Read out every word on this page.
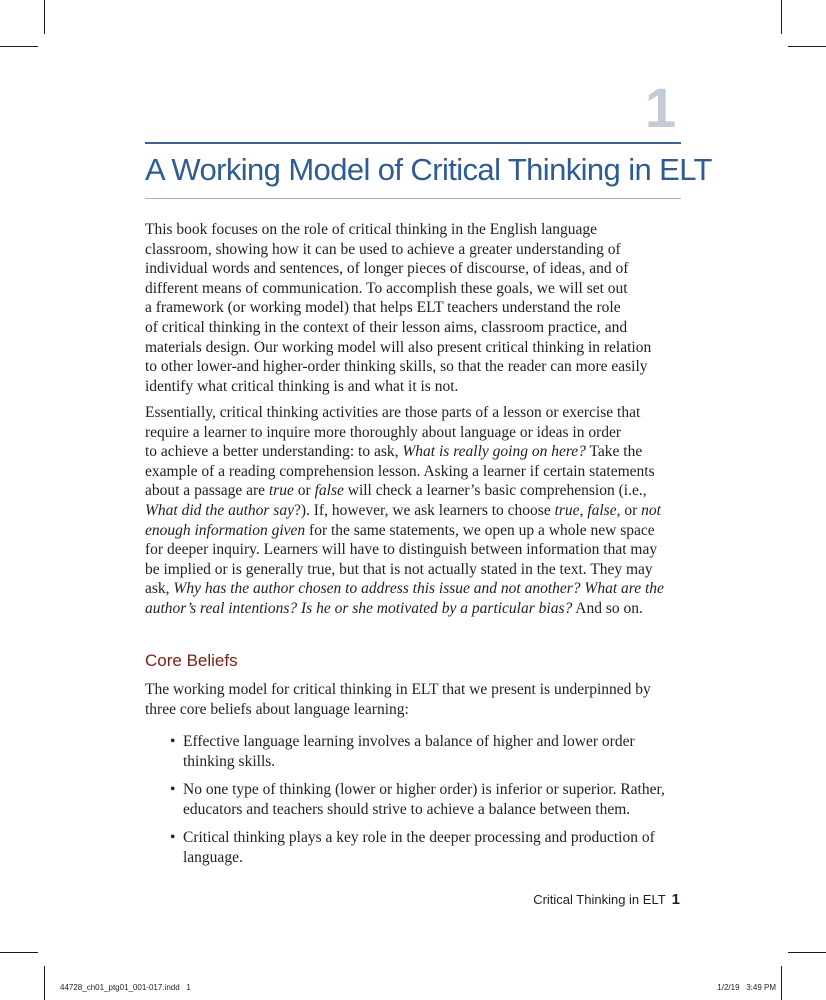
1
A Working Model of Critical Thinking in ELT
This book focuses on the role of critical thinking in the English language
classroom, showing how it can be used to achieve a greater understanding of
individual words and sentences, of longer pieces of discourse, of ideas, and of
different means of communication. To accomplish these goals, we will set out
a framework (or working model) that helps ELT teachers understand the role
of critical thinking in the context of their lesson aims, classroom practice, and
materials design. Our working model will also present critical thinking in relation
to other lower-and higher-order thinking skills, so that the reader can more easily
identify what critical thinking is and what it is not.
Essentially, critical thinking activities are those parts of a lesson or exercise that
require a learner to inquire more thoroughly about language or ideas in order
to achieve a better understanding: to ask, What is really going on here? Take the
example of a reading comprehension lesson. Asking a learner if certain statements
about a passage are true or false will check a learner’s basic comprehension (i.e.,
What did the author say?). If, however, we ask learners to choose true, false, or not
enough information given for the same statements, we open up a whole new space
for deeper inquiry. Learners will have to distinguish between information that may
be implied or is generally true, but that is not actually stated in the text. They may
ask, Why has the author chosen to address this issue and not another? What are the
author’s real intentions? Is he or she motivated by a particular bias? And so on.
Core Beliefs
The working model for critical thinking in ELT that we present is underpinned by
three core beliefs about language learning:
• Effective language learning involves a balance of higher and lower order
thinking skills.
• No one type of thinking (lower or higher order) is inferior or superior. Rather,
educators and teachers should strive to achieve a balance between them.
• Critical thinking plays a key role in the deeper processing and production of
language.
Critical Thinking in ELT 1
44728_ch01_ptg01_001-017.indd   1	1/2/19   3:49 PM
